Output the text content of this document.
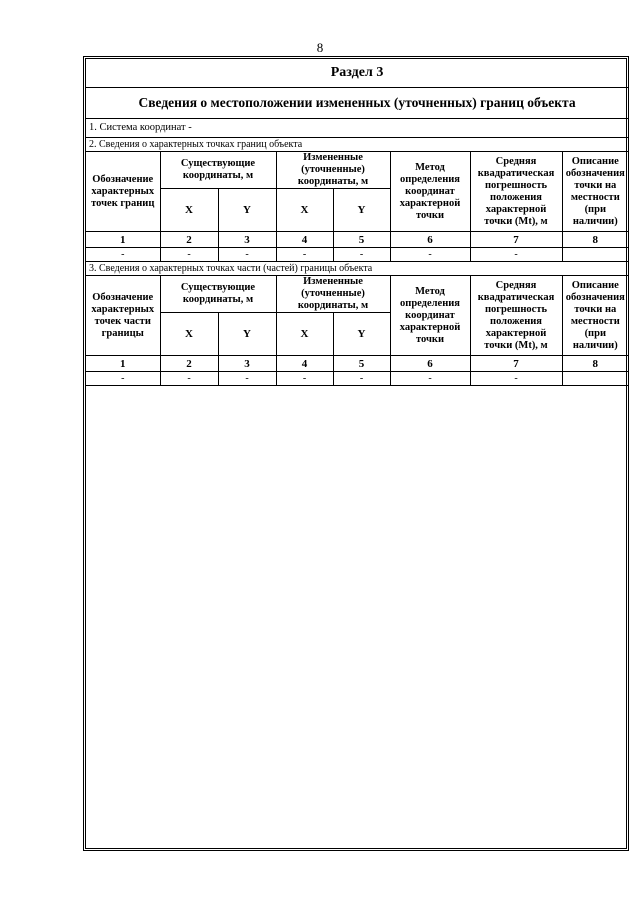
8
Раздел 3							
Сведения о местоположении измененных (уточненных) границ объекта							
1. Система координат -							
2. Сведения о характерных точках границ объекта							
Обозначение характерных точек границ	Существующие координаты, м		Измененные (уточненные) координаты, м		Метод определения координат характерной точки	Средняя квадратическая погрешность положения характерной точки (Mt), м	Описание обозначения точки на местности (при наличии)
	X	Y	X	Y			
1	2	3	4	5	6	7	8
-	-	-	-	-	-	-	
3. Сведения о характерных точках части (частей) границы объекта							
Обозначение характерных точек части границы	Существующие координаты, м		Измененные (уточненные) координаты, м		Метод определения координат характерной точки	Средняя квадратическая погрешность положения характерной точки (Mt), м	Описание обозначения точки на местности (при наличии)
	X	Y	X	Y			
1	2	3	4	5	6	7	8
-	-	-	-	-	-	-	
